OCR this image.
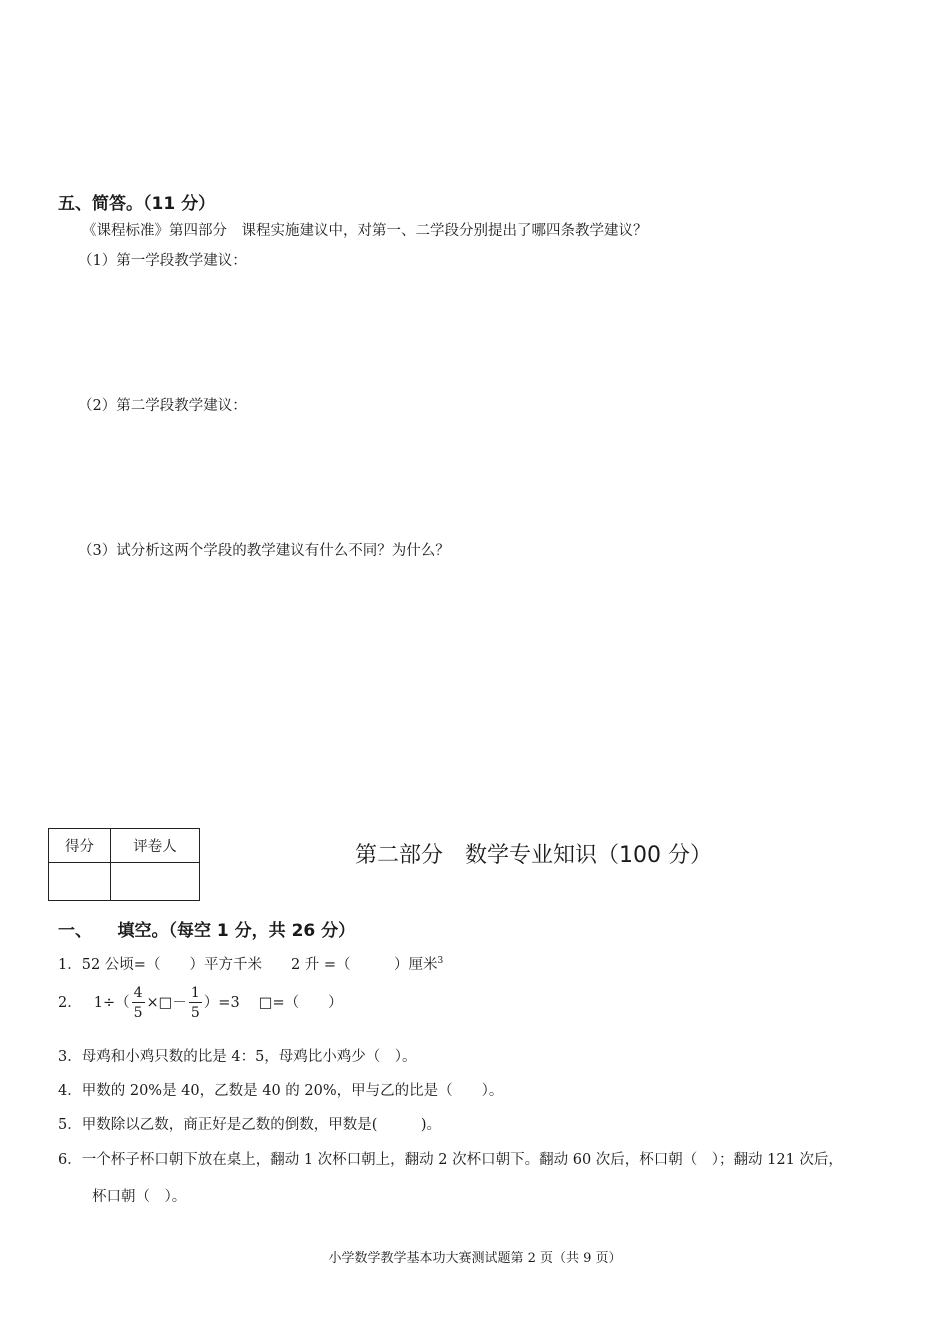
五、简答。（11 分）
《课程标准》第四部分　课程实施建议中，对第一、二学段分别提出了哪四条教学建议？
（1）第一学段教学建议：
（2）第二学段教学建议：
（3）试分析这两个学段的教学建议有什么不同？为什么？
得分	评卷人
		第二部分　数学专业知识（100 分）
一、　　填空。（每空 1 分，共 26 分）
1．52 公顷=（　　）平方千米　　2 升 =（　　　）厘米$^3$
2． $1\div( \frac{4}{5}$ ×□－ $\frac{1}{5} )=3$　 □=（　　）
3．母鸡和小鸡只数的比是 4：5，母鸡比小鸡少（　）。
4．甲数的 20%是 40，乙数是 40 的 20%，甲与乙的比是（　　）。
5．甲数除以乙数，商正好是乙数的倒数，甲数是(　　　)。
6．一个杯子杯口朝下放在桌上，翻动 1 次杯口朝上，翻动 2 次杯口朝下。翻动 60 次后，杯口朝（　）；翻动 121 次后，
杯口朝（　）。
小学数学教学基本功大赛测试题第 2 页（共 9 页）
